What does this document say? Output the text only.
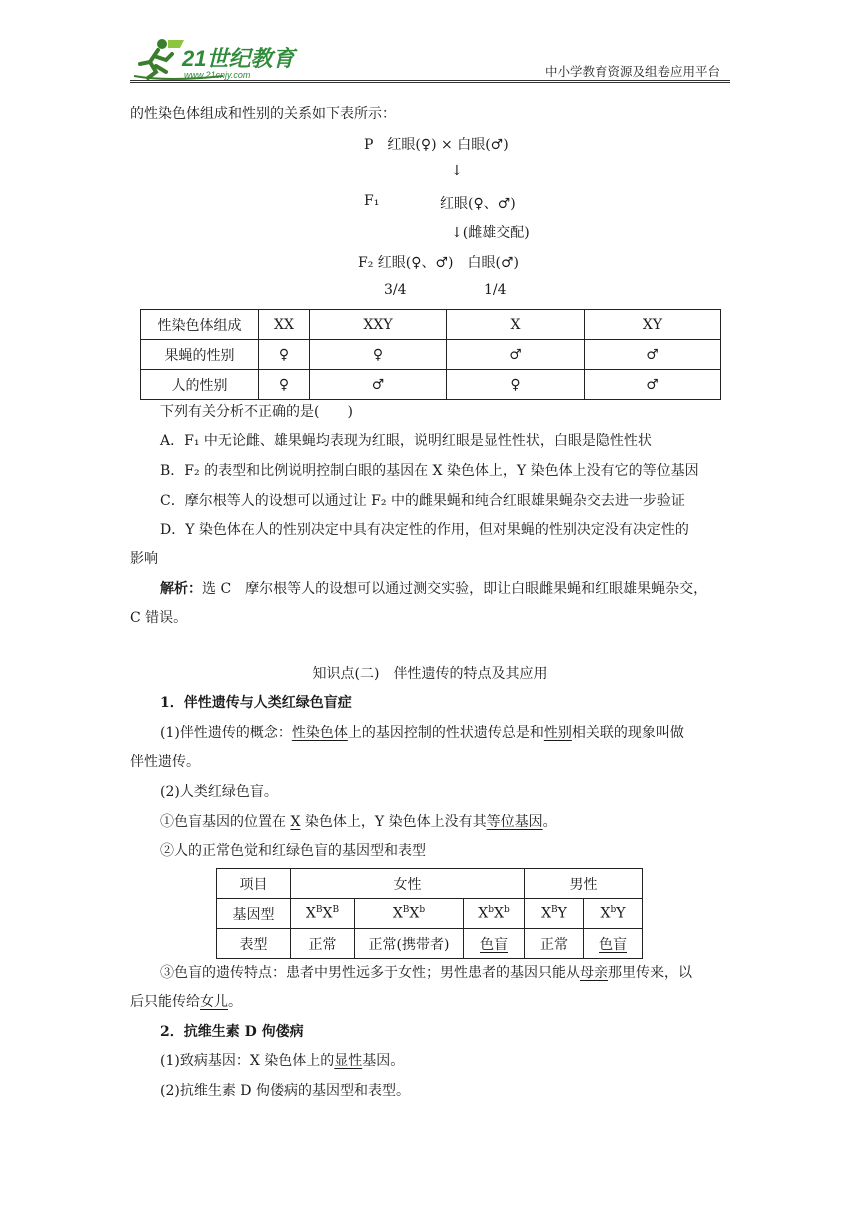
21世纪教育
www.21cnjy.com	中小学教育资源及组卷应用平台
的性染色体组成和性别的关系如下表所示：
P　红眼(♀) × 白眼(♂)
↓
F₁	红眼(♀、♂)
↓(雌雄交配)
F₂ 红眼(♀、♂)　白眼(♂)
3/4	1/4
性染色体组成	XX	XXY	X	XY
果蝇的性别	♀	♀	♂	♂
人的性别	♀	♂	♀	♂
下列有关分析不正确的是(　　)
A．F₁ 中无论雌、雄果蝇均表现为红眼，说明红眼是显性性状，白眼是隐性性状
B．F₂ 的表型和比例说明控制白眼的基因在 X 染色体上，Y 染色体上没有它的等位基因
C．摩尔根等人的设想可以通过让 F₂ 中的雌果蝇和纯合红眼雄果蝇杂交去进一步验证
D．Y 染色体在人的性别决定中具有决定性的作用，但对果蝇的性别决定没有决定性的
影响
解析：选 C　摩尔根等人的设想可以通过测交实验，即让白眼雌果蝇和红眼雄果蝇杂交，
C 错误。
知识点(二)　伴性遗传的特点及其应用
1．伴性遗传与人类红绿色盲症
(1)伴性遗传的概念：性染色体上的基因控制的性状遗传总是和性别相关联的现象叫做
伴性遗传。
(2)人类红绿色盲。
①色盲基因的位置在 X 染色体上，Y 染色体上没有其等位基因。
②人的正常色觉和红绿色盲的基因型和表型
项目	女性			男性	
基因型	$X^BX^B$	$X^BX^b$	$X^bX^b$	$X^BY$	$X^bY$
表型	正常	正常(携带者)	色盲	正常	色盲
③色盲的遗传特点：患者中男性远多于女性；男性患者的基因只能从母亲那里传来，以
后只能传给女儿。
2．抗维生素 D 佝偻病
(1)致病基因：X 染色体上的显性基因。
(2)抗维生素 D 佝偻病的基因型和表型。
